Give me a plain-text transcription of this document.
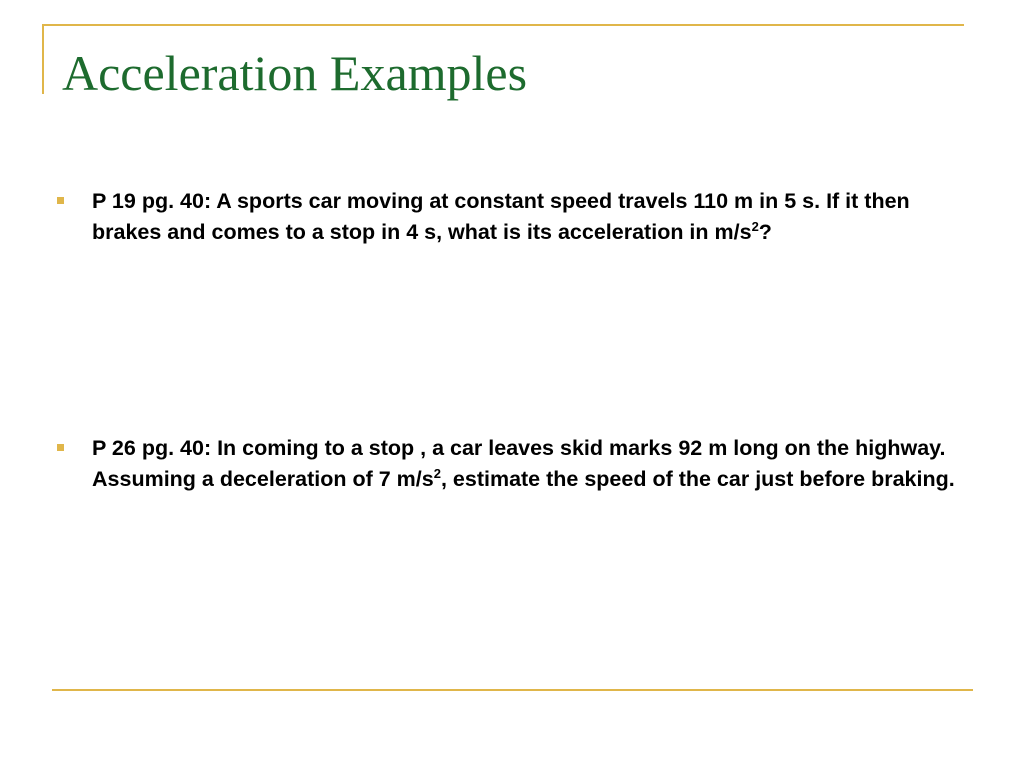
Acceleration Examples

P 19 pg. 40: A sports car moving at constant speed travels 110 m in 5 s. If it then brakes and comes to a stop in 4 s, what is its acceleration in $m/s^2$?

P 26 pg. 40: In coming to a stop , a car leaves skid marks 92 m long on the highway. Assuming a deceleration of 7 $m/s^2$, estimate the speed of the car just before braking.
